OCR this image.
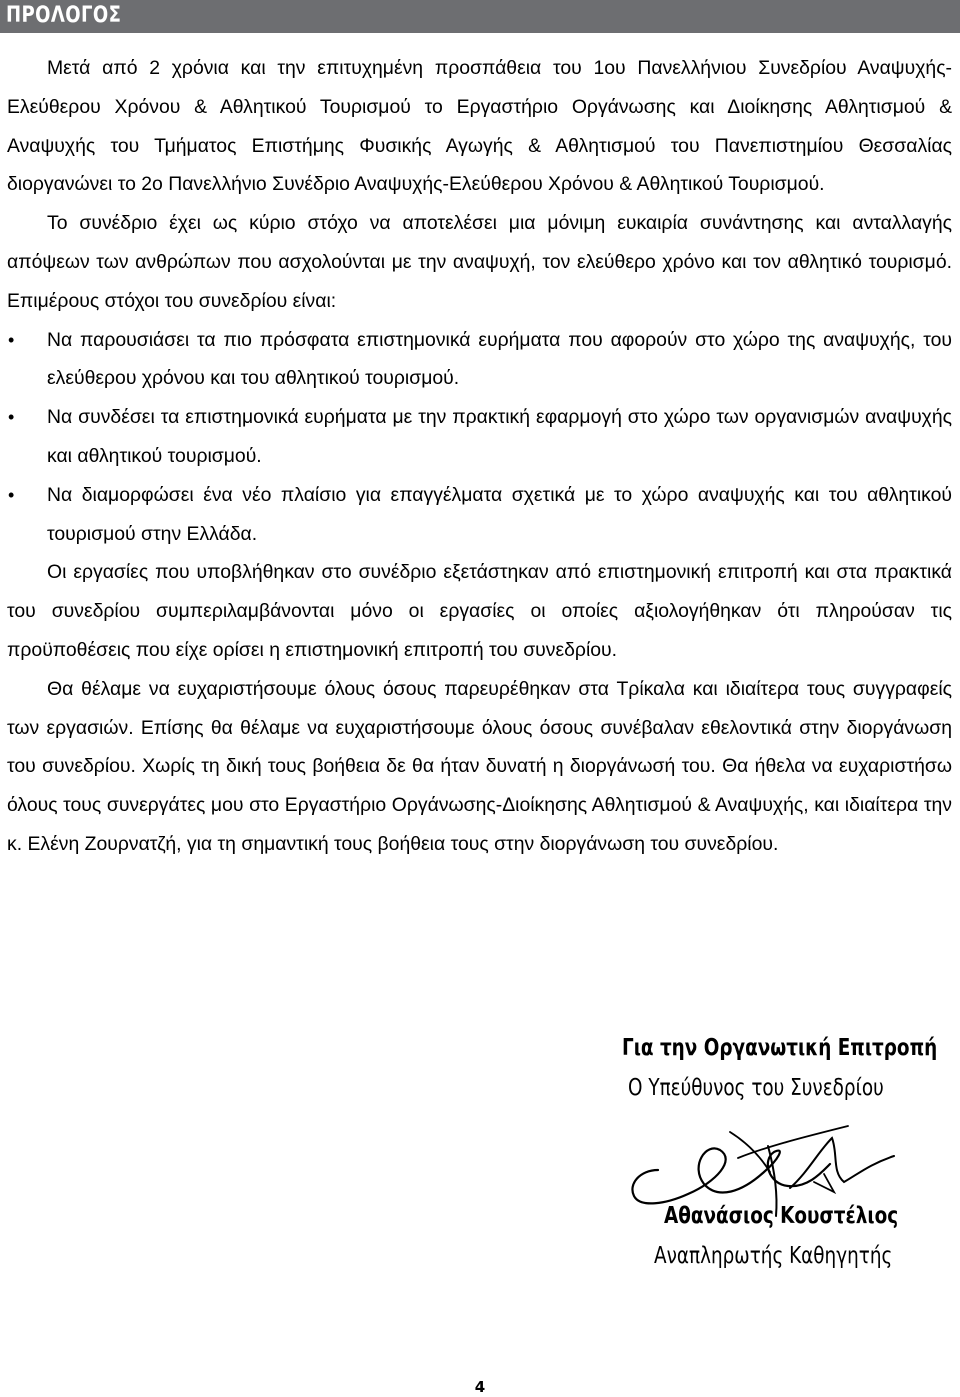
ΠΡΟΛΟΓΟΣ

Μετά από 2 χρόνια και την επιτυχημένη προσπάθεια του 1ου Πανελλήνιου Συνεδρίου Αναψυχής-Ελεύθερου Χρόνου & Αθλητικού Τουρισμού το Εργαστήριο Οργάνωσης και Διοίκησης Αθλητισμού & Αναψυχής του Τμήματος Επιστήμης Φυσικής Αγωγής & Αθλητισμού του Πανεπιστημίου Θεσσαλίας διοργανώνει το 2ο Πανελλήνιο Συνέδριο Αναψυχής-Ελεύθερου Χρόνου & Αθλητικού Τουρισμού.

Το συνέδριο έχει ως κύριο στόχο να αποτελέσει μια μόνιμη ευκαιρία συνάντησης και ανταλλαγής απόψεων των ανθρώπων που ασχολούνται με την αναψυχή, τον ελεύθερο χρόνο και τον αθλητικό τουρισμό. Επιμέρους στόχοι του συνεδρίου είναι:

• Να παρουσιάσει τα πιο πρόσφατα επιστημονικά ευρήματα που αφορούν στο χώρο της αναψυχής, του ελεύθερου χρόνου και του αθλητικού τουρισμού.
• Να συνδέσει τα επιστημονικά ευρήματα με την πρακτική εφαρμογή στο χώρο των οργανισμών αναψυχής και αθλητικού τουρισμού.
• Να διαμορφώσει ένα νέο πλαίσιο για επαγγέλματα σχετικά με το χώρο αναψυχής και του αθλητικού τουρισμού στην Ελλάδα.

Οι εργασίες που υποβλήθηκαν στο συνέδριο εξετάστηκαν από επιστημονική επιτροπή και στα πρακτικά του συνεδρίου συμπεριλαμβάνονται μόνο οι εργασίες οι οποίες αξιολογήθηκαν ότι πληρούσαν τις προϋποθέσεις που είχε ορίσει η επιστημονική επιτροπή του συνεδρίου.

Θα θέλαμε να ευχαριστήσουμε όλους όσους παρευρέθηκαν στα Τρίκαλα και ιδιαίτερα τους συγγραφείς των εργασιών. Επίσης θα θέλαμε να ευχαριστήσουμε όλους όσους συνέβαλαν εθελοντικά στην διοργάνωση του συνεδρίου. Χωρίς τη δική τους βοήθεια δε θα ήταν δυνατή η διοργάνωσή του. Θα ήθελα να ευχαριστήσω όλους τους συνεργάτες μου στο Εργαστήριο Οργάνωσης-Διοίκησης Αθλητισμού & Αναψυχής, και ιδιαίτερα την κ. Ελένη Ζουρνατζή, για τη σημαντική τους βοήθεια τους στην διοργάνωση του συνεδρίου.

Για την Οργανωτική Επιτροπή
Ο Υπεύθυνος του Συνεδρίου
Αθανάσιος Κουστέλιος
Αναπληρωτής Καθηγητής
4
